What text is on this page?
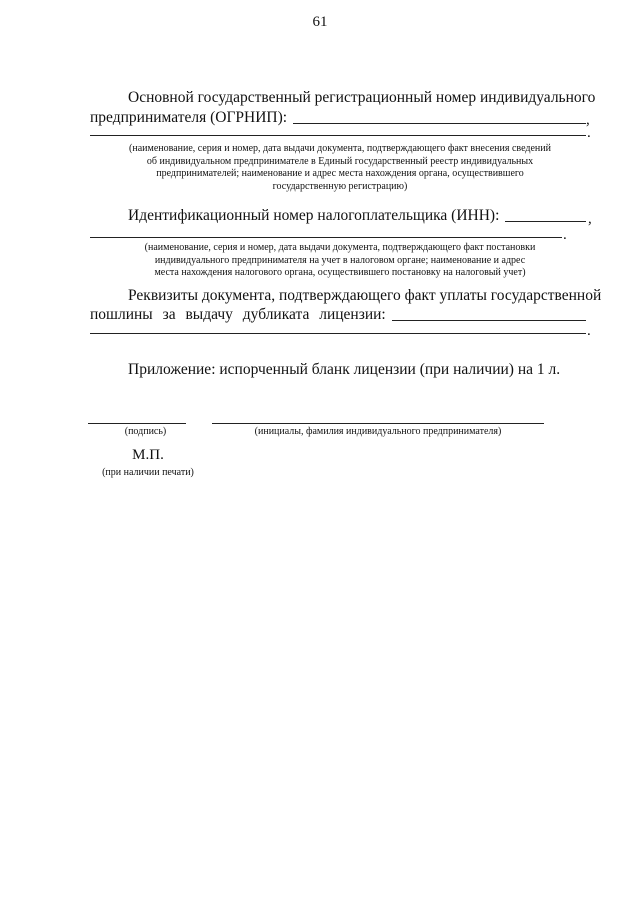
61
Основной государственный регистрационный номер индивидуального
предпринимателя (ОГРНИП):	,
.
(наименование, серия и номер, дата выдачи документа, подтверждающего факт внесения сведений
об индивидуальном предпринимателе в Единый государственный реестр индивидуальных
предпринимателей; наименование и адрес места нахождения органа, осуществившего
государственную регистрацию)
Идентификационный номер налогоплательщика (ИНН):	,
.
(наименование, серия и номер, дата выдачи документа, подтверждающего факт постановки
индивидуального предпринимателя на учет в налоговом органе; наименование и адрес
места нахождения налогового органа, осуществившего постановку на налоговый учет)
Реквизиты документа, подтверждающего факт уплаты государственной
пошлины за выдачу дубликата лицензии:
.
Приложение: испорченный бланк лицензии (при наличии) на 1 л.
(подпись)	(инициалы, фамилия индивидуального предпринимателя)
М.П.
(при наличии печати)
